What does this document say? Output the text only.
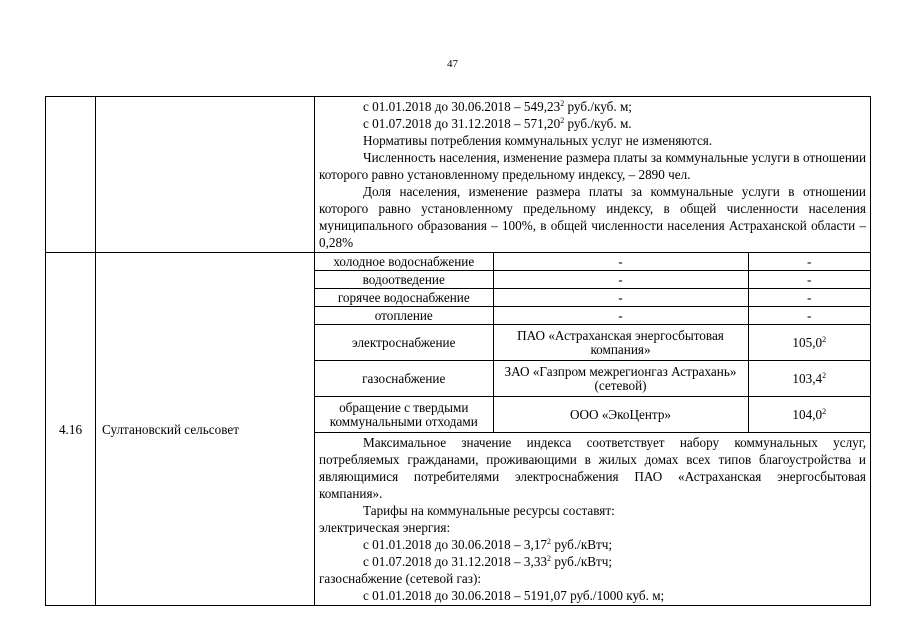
47

с 01.01.2018 до 30.06.2018 – 549,23$^2$ руб./куб. м;
с 01.07.2018 до 31.12.2018 – 571,20$^2$ руб./куб. м.
Нормативы потребления коммунальных услуг не изменяются.
Численность населения, изменение размера платы за коммунальные услуги в отношении которого равно установленному предельному индексу, – 2890 чел.
Доля населения, изменение размера платы за коммунальные услуги в отношении которого равно установленному предельному индексу, в общей численности населения муниципального образования – 100%, в общей численности населения Астраханской области – 0,28%

4.16	Султановский сельсовет	
холодное водоснабжение	-	-
водоотведение	-	-
горячее водоснабжение	-	-
отопление	-	-
электроснабжение	ПАО «Астраханская энергосбытовая компания»	105,0$^2$
газоснабжение	ЗАО «Газпром межрегионгаз Астрахань» (сетевой)	103,4$^2$
обращение с твердыми коммунальными отходами	ООО «ЭкоЦентр»	104,0$^2$
Максимальное значение индекса соответствует набору коммунальных услуг, потребляемых гражданами, проживающими в жилых домах всех типов благоустройства и являющимися потребителями электроснабжения ПАО «Астраханская энергосбытовая компания».
Тарифы на коммунальные ресурсы составят:
электрическая энергия:
с 01.01.2018 до 30.06.2018 – 3,17$^2$ руб./кВтч;
с 01.07.2018 до 31.12.2018 – 3,33$^2$ руб./кВтч;
газоснабжение (сетевой газ):
с 01.01.2018 до 30.06.2018 – 5191,07 руб./1000 куб. м;
